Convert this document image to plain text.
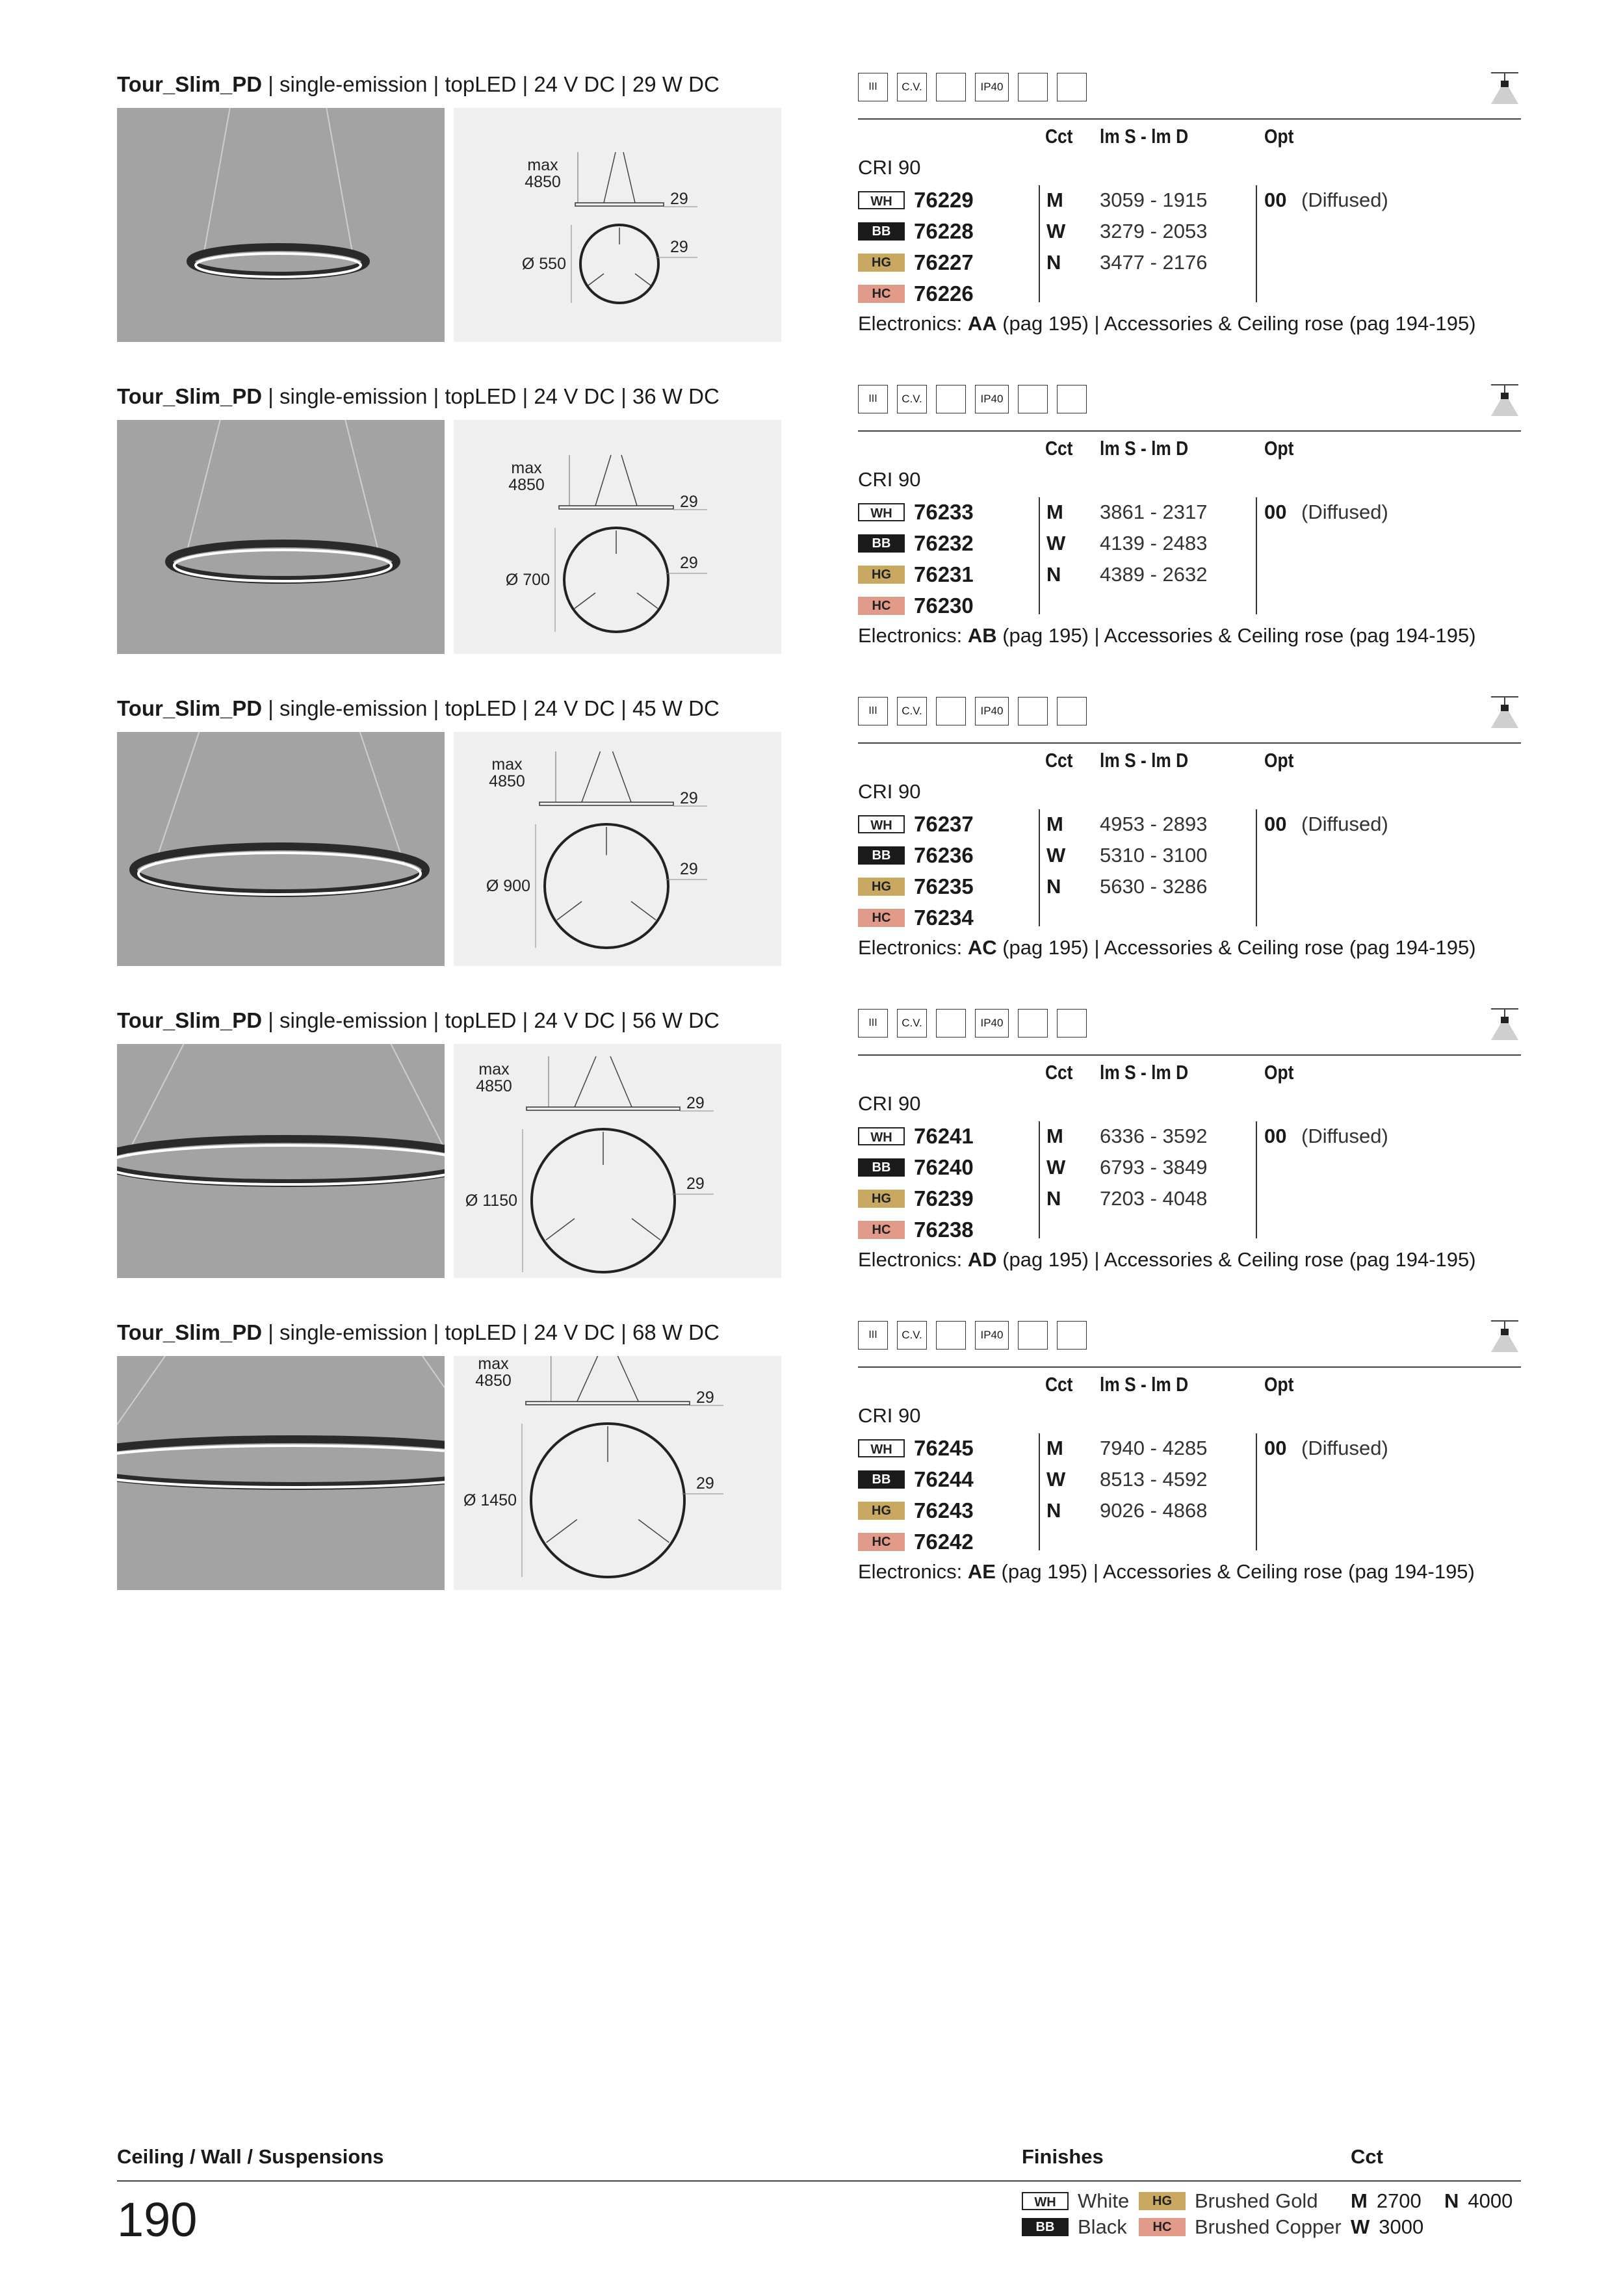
Tour_Slim_PD | single-emission | topLED | 24 V DC | 29 W DC
max
4850
29
29
Ø 550
III	C.V.	IP40
Cct lm S - lm D	Opt
CRI 90
WH	76229	M 3059 - 1915	00 (Diffused)
BB	76228	W 3279 - 2053
HG	76227	N 3477 - 2176
HC	76226
Electronics: AA (pag 195) | Accessories & Ceiling rose (pag 194-195)
Tour_Slim_PD | single-emission | topLED | 24 V DC | 36 W DC
max
4850
29
29
Ø 700
III	C.V.	IP40
Cct lm S - lm D	Opt
CRI 90
WH	76233	M 3861 - 2317	00 (Diffused)
BB	76232	W 4139 - 2483
HG	76231	N 4389 - 2632
HC	76230
Electronics: AB (pag 195) | Accessories & Ceiling rose (pag 194-195)
Tour_Slim_PD | single-emission | topLED | 24 V DC | 45 W DC
max
4850
29
29
Ø 900
III	C.V.	IP40
Cct lm S - lm D	Opt
CRI 90
WH	76237	M 4953 - 2893	00 (Diffused)
BB	76236	W 5310 - 3100
HG	76235	N 5630 - 3286
HC	76234
Electronics: AC (pag 195) | Accessories & Ceiling rose (pag 194-195)
Tour_Slim_PD | single-emission | topLED | 24 V DC | 56 W DC
max
4850
29
29
Ø 1150
III	C.V.	IP40
Cct lm S - lm D	Opt
CRI 90
WH	76241	M 6336 - 3592	00 (Diffused)
BB	76240	W 6793 - 3849
HG	76239	N 7203 - 4048
HC	76238
Electronics: AD (pag 195) | Accessories & Ceiling rose (pag 194-195)
Tour_Slim_PD | single-emission | topLED | 24 V DC | 68 W DC
max
4850
29
29
Ø 1450
III	C.V.	IP40
Cct lm S - lm D	Opt
CRI 90
WH	76245	M 7940 - 4285	00 (Diffused)
BB	76244	W 8513 - 4592
HG	76243	N 9026 - 4868
HC	76242
Electronics: AE (pag 195) | Accessories & Ceiling rose (pag 194-195)
Ceiling / Wall / Suspensions
190
Finishes	Cct
WH	White
BB	Black
HG	Brushed Gold
HC	Brushed Copper
M 2700 N 4000
W 3000
